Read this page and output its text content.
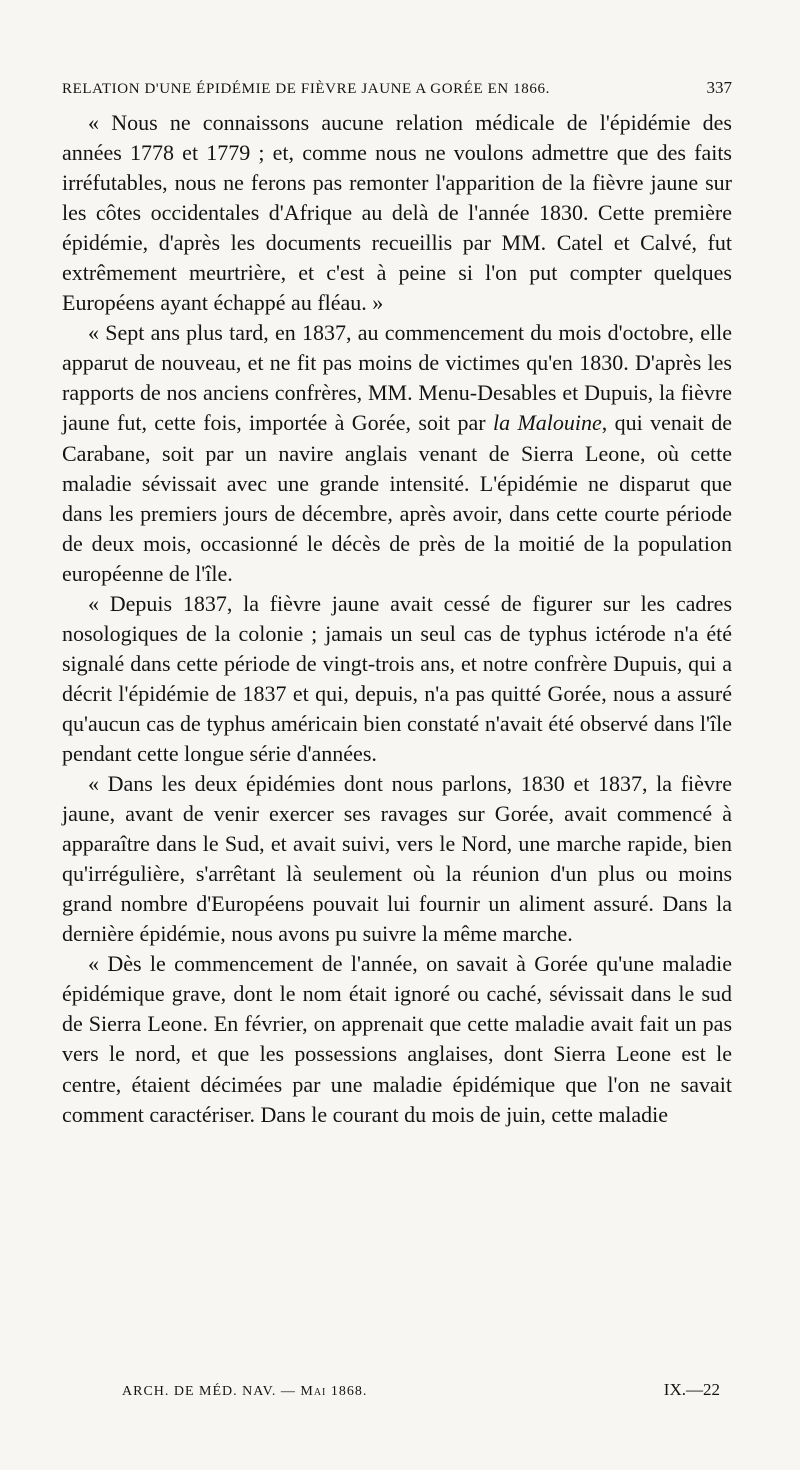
RELATION D'UNE ÉPIDÉMIE DE FIÈVRE JAUNE A GORÉE EN 1866.	337

« Nous ne connaissons aucune relation médicale de l'épidémie des années 1778 et 1779 ; et, comme nous ne voulons admettre que des faits irréfutables, nous ne ferons pas remonter l'apparition de la fièvre jaune sur les côtes occidentales d'Afrique au delà de l'année 1830. Cette première épidémie, d'après les documents recueillis par MM. Catel et Calvé, fut extrêmement meurtrière, et c'est à peine si l'on put compter quelques Européens ayant échappé au fléau. »

« Sept ans plus tard, en 1837, au commencement du mois d'octobre, elle apparut de nouveau, et ne fit pas moins de victimes qu'en 1830. D'après les rapports de nos anciens confrères, MM. Menu-Desables et Dupuis, la fièvre jaune fut, cette fois, importée à Gorée, soit par la Malouine, qui venait de Carabane, soit par un navire anglais venant de Sierra Leone, où cette maladie sévissait avec une grande intensité. L'épidémie ne disparut que dans les premiers jours de décembre, après avoir, dans cette courte période de deux mois, occasionné le décès de près de la moitié de la population européenne de l'île.

« Depuis 1837, la fièvre jaune avait cessé de figurer sur les cadres nosologiques de la colonie ; jamais un seul cas de typhus ictérode n'a été signalé dans cette période de vingt-trois ans, et notre confrère Dupuis, qui a décrit l'épidémie de 1837 et qui, depuis, n'a pas quitté Gorée, nous a assuré qu'aucun cas de typhus américain bien constaté n'avait été observé dans l'île pendant cette longue série d'années.

« Dans les deux épidémies dont nous parlons, 1830 et 1837, la fièvre jaune, avant de venir exercer ses ravages sur Gorée, avait commencé à apparaître dans le Sud, et avait suivi, vers le Nord, une marche rapide, bien qu'irrégulière, s'arrêtant là seulement où la réunion d'un plus ou moins grand nombre d'Européens pouvait lui fournir un aliment assuré. Dans la dernière épidémie, nous avons pu suivre la même marche.

« Dès le commencement de l'année, on savait à Gorée qu'une maladie épidémique grave, dont le nom était ignoré ou caché, sévissait dans le sud de Sierra Leone. En février, on apprenait que cette maladie avait fait un pas vers le nord, et que les possessions anglaises, dont Sierra Leone est le centre, étaient décimées par une maladie épidémique que l'on ne savait comment caractériser. Dans le courant du mois de juin, cette maladie

ARCH. DE MÉD. NAV. — Mai 1868.	IX.—22
